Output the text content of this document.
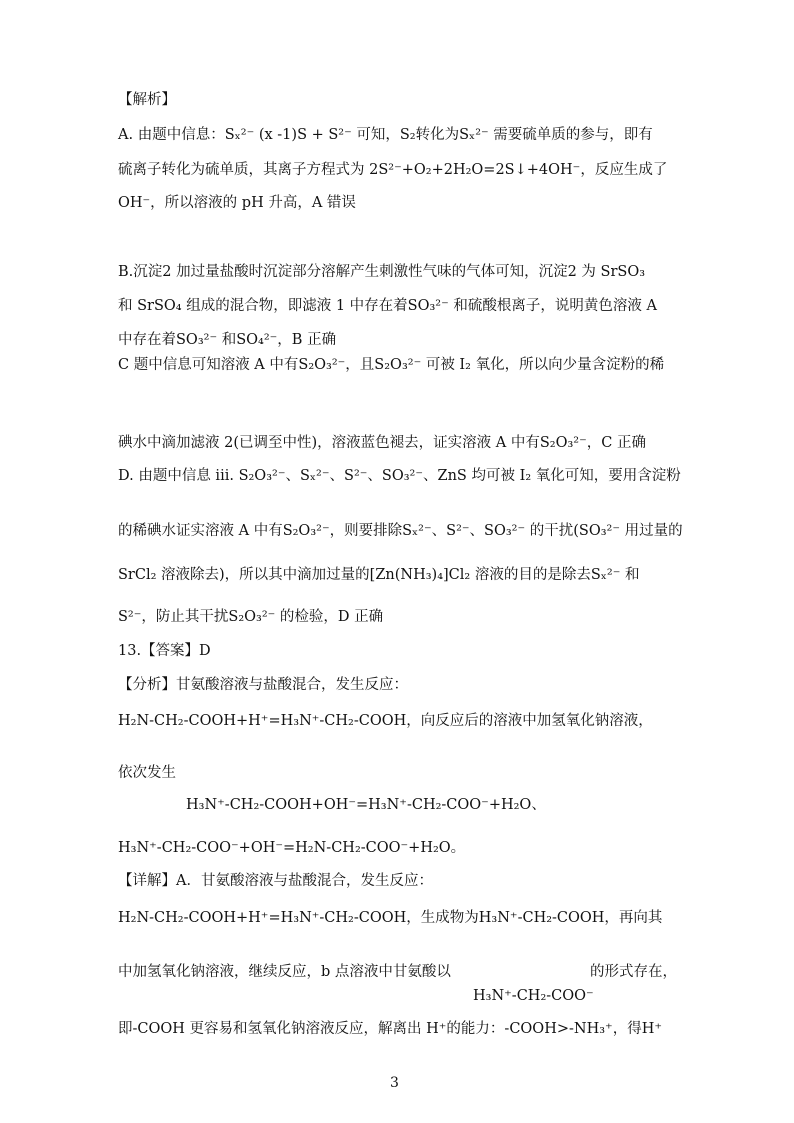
【解析】
A. 由题中信息：Sₓ²⁻ (x -1)S + S²⁻ 可知，S₂转化为Sₓ²⁻ 需要硫单质的参与，即有
硫离子转化为硫单质，其离子方程式为 2S²⁻+O₂+2H₂O=2S↓+4OH⁻，反应生成了
OH⁻，所以溶液的 pH 升高，A 错误
B.沉淀2 加过量盐酸时沉淀部分溶解产生刺激性气味的气体可知，沉淀2 为 SrSO₃
和 SrSO₄ 组成的混合物，即滤液 1 中存在着SO₃²⁻ 和硫酸根离子，说明黄色溶液 A
中存在着SO₃²⁻ 和SO₄²⁻，B 正确
C 题中信息可知溶液 A 中有S₂O₃²⁻，且S₂O₃²⁻ 可被 I₂ 氧化，所以向少量含淀粉的稀
碘水中滴加滤液 2(已调至中性)，溶液蓝色褪去，证实溶液 A 中有S₂O₃²⁻，C 正确
D. 由题中信息 iii. S₂O₃²⁻、Sₓ²⁻、S²⁻、SO₃²⁻、ZnS 均可被 I₂ 氧化可知，要用含淀粉
的稀碘水证实溶液 A 中有S₂O₃²⁻，则要排除Sₓ²⁻、S²⁻、SO₃²⁻ 的干扰(SO₃²⁻ 用过量的
SrCl₂ 溶液除去)，所以其中滴加过量的[Zn(NH₃)₄]Cl₂ 溶液的目的是除去Sₓ²⁻ 和
S²⁻，防止其干扰S₂O₃²⁻ 的检验，D 正确
13.【答案】D
【分析】甘氨酸溶液与盐酸混合，发生反应：
H₂N-CH₂-COOH+H⁺=H₃N⁺-CH₂-COOH，向反应后的溶液中加氢氧化钠溶液，
依次发生
H₃N⁺-CH₂-COOH+OH⁻=H₃N⁺-CH₂-COO⁻+H₂O、
H₃N⁺-CH₂-COO⁻+OH⁻=H₂N-CH₂-COO⁻+H₂O。
【详解】A．甘氨酸溶液与盐酸混合，发生反应：
H₂N-CH₂-COOH+H⁺=H₃N⁺-CH₂-COOH，生成物为H₃N⁺-CH₂-COOH，再向其
中加氢氧化钠溶液，继续反应，b 点溶液中甘氨酸以	的形式存在，
H₃N⁺-CH₂-COO⁻
即-COOH 更容易和氢氧化钠溶液反应，解离出 H⁺的能力：-COOH>-NH₃⁺，得H⁺
3
